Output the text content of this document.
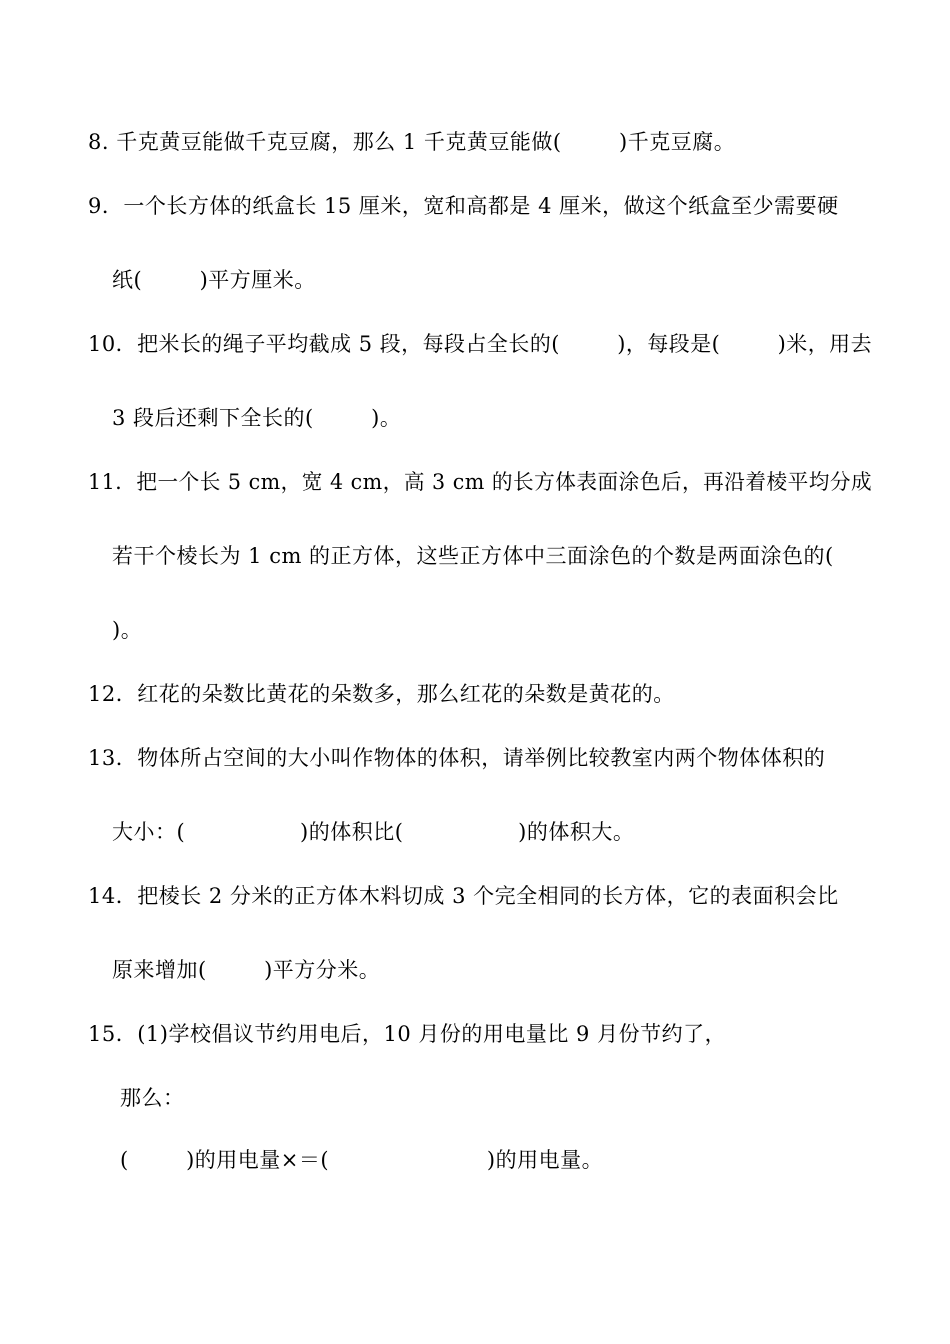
8. 千克黄豆能做千克豆腐，那么 1 千克黄豆能做(        )千克豆腐。
9．一个长方体的纸盒长 15 厘米，宽和高都是 4 厘米，做这个纸盒至少需要硬
纸(        )平方厘米。
10．把米长的绳子平均截成 5 段，每段占全长的(        )，每段是(        )米，用去
3 段后还剩下全长的(        )。
11．把一个长 5 cm，宽 4 cm，高 3 cm 的长方体表面涂色后，再沿着棱平均分成
若干个棱长为 1 cm 的正方体，这些正方体中三面涂色的个数是两面涂色的(
)。
12．红花的朵数比黄花的朵数多，那么红花的朵数是黄花的。
13．物体所占空间的大小叫作物体的体积，请举例比较教室内两个物体体积的
大小：(                )的体积比(                )的体积大。
14．把棱长 2 分米的正方体木料切成 3 个完全相同的长方体，它的表面积会比
原来增加(        )平方分米。
15．(1)学校倡议节约用电后，10 月份的用电量比 9 月份节约了，
那么：
(        )的用电量×＝(                      )的用电量。
